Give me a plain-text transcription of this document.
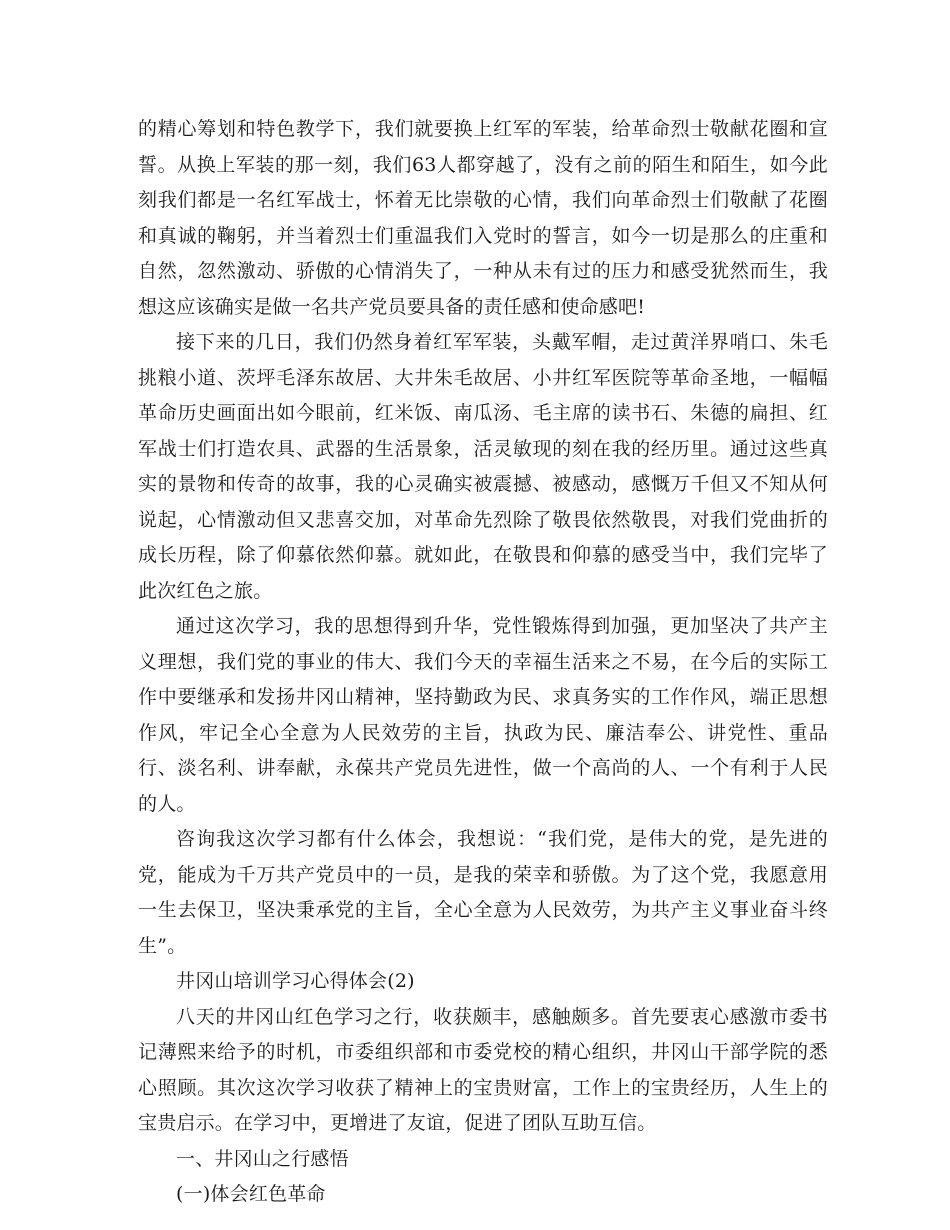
的精心筹划和特色教学下，我们就要换上红军的军装，给革命烈士敬献花圈和宣誓。从换上军装的那一刻，我们63人都穿越了，没有之前的陌生和陌生，如今此刻我们都是一名红军战士，怀着无比崇敬的心情，我们向革命烈士们敬献了花圈和真诚的鞠躬，并当着烈士们重温我们入党时的誓言，如今一切是那么的庄重和自然，忽然激动、骄傲的心情消失了，一种从未有过的压力和感受犹然而生，我想这应该确实是做一名共产党员要具备的责任感和使命感吧!

接下来的几日，我们仍然身着红军军装，头戴军帽，走过黄洋界哨口、朱毛挑粮小道、茨坪毛泽东故居、大井朱毛故居、小井红军医院等革命圣地，一幅幅革命历史画面出如今眼前，红米饭、南瓜汤、毛主席的读书石、朱德的扁担、红军战士们打造农具、武器的生活景象，活灵敏现的刻在我的经历里。通过这些真实的景物和传奇的故事，我的心灵确实被震撼、被感动，感慨万千但又不知从何说起，心情激动但又悲喜交加，对革命先烈除了敬畏依然敬畏，对我们党曲折的成长历程，除了仰慕依然仰慕。就如此，在敬畏和仰慕的感受当中，我们完毕了此次红色之旅。

通过这次学习，我的思想得到升华，党性锻炼得到加强，更加坚决了共产主义理想，我们党的事业的伟大、我们今天的幸福生活来之不易，在今后的实际工作中要继承和发扬井冈山精神，坚持勤政为民、求真务实的工作作风，端正思想作风，牢记全心全意为人民效劳的主旨，执政为民、廉洁奉公、讲党性、重品行、淡名利、讲奉献，永葆共产党员先进性，做一个高尚的人、一个有利于人民的人。

咨询我这次学习都有什么体会，我想说：“我们党，是伟大的党，是先进的党，能成为千万共产党员中的一员，是我的荣幸和骄傲。为了这个党，我愿意用一生去保卫，坚决秉承党的主旨，全心全意为人民效劳，为共产主义事业奋斗终生”。

井冈山培训学习心得体会(2)

八天的井冈山红色学习之行，收获颇丰，感触颇多。首先要衷心感激市委书记薄熙来给予的时机，市委组织部和市委党校的精心组织，井冈山干部学院的悉心照顾。其次这次学习收获了精神上的宝贵财富，工作上的宝贵经历，人生上的宝贵启示。在学习中，更增进了友谊，促进了团队互助互信。

一、井冈山之行感悟

(一)体会红色革命
